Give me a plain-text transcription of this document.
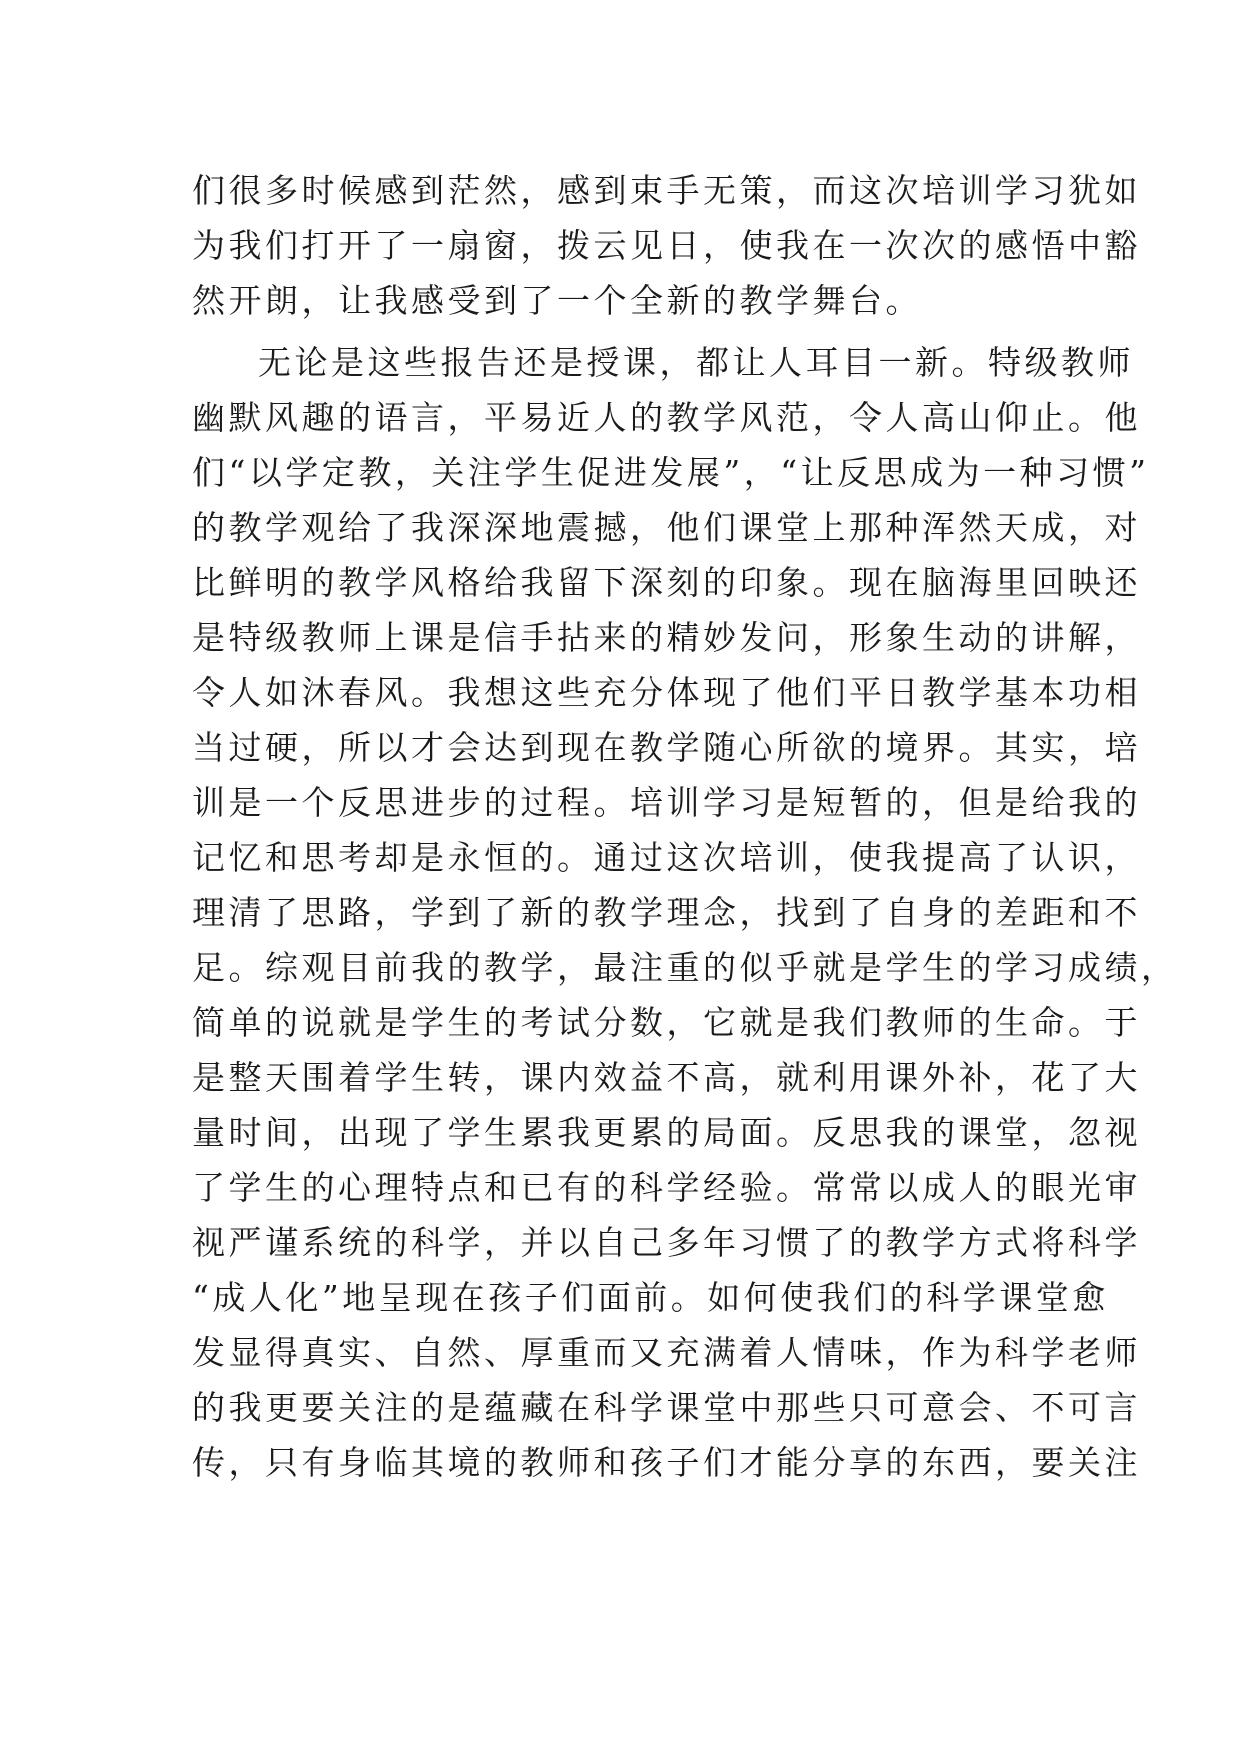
们很多时候感到茫然，感到束手无策，而这次培训学习犹如
为我们打开了一扇窗，拨云见日，使我在一次次的感悟中豁
然开朗，让我感受到了一个全新的教学舞台。
无论是这些报告还是授课，都让人耳目一新。特级教师
幽默风趣的语言，平易近人的教学风范，令人高山仰止。他
们“以学定教，关注学生促进发展”，“让反思成为一种习惯”
的教学观给了我深深地震撼，他们课堂上那种浑然天成，对
比鲜明的教学风格给我留下深刻的印象。现在脑海里回映还
是特级教师上课是信手拈来的精妙发问，形象生动的讲解，
令人如沐春风。我想这些充分体现了他们平日教学基本功相
当过硬，所以才会达到现在教学随心所欲的境界。其实，培
训是一个反思进步的过程。培训学习是短暂的，但是给我的
记忆和思考却是永恒的。通过这次培训，使我提高了认识，
理清了思路，学到了新的教学理念，找到了自身的差距和不
足。综观目前我的教学，最注重的似乎就是学生的学习成绩，
简单的说就是学生的考试分数，它就是我们教师的生命。于
是整天围着学生转，课内效益不高，就利用课外补，花了大
量时间，出现了学生累我更累的局面。反思我的课堂，忽视
了学生的心理特点和已有的科学经验。常常以成人的眼光审
视严谨系统的科学，并以自己多年习惯了的教学方式将科学
“成人化”地呈现在孩子们面前。如何使我们的科学课堂愈
发显得真实、自然、厚重而又充满着人情味，作为科学老师
的我更要关注的是蕴藏在科学课堂中那些只可意会、不可言
传，只有身临其境的教师和孩子们才能分享的东西，要关注
